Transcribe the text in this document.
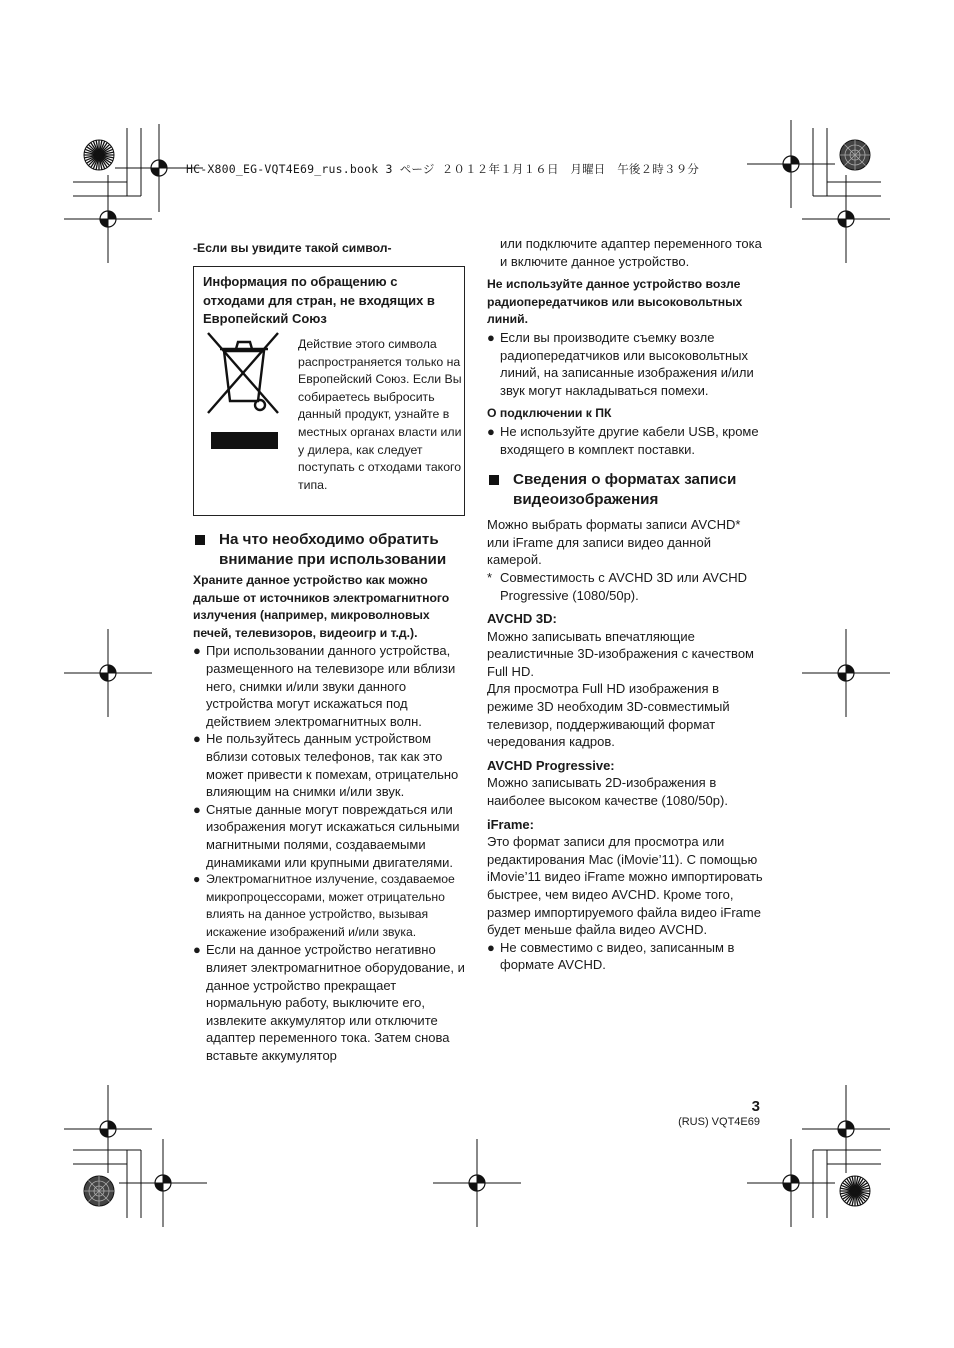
HC-X800_EG-VQT4E69_rus.book 3 ページ ２０１２年１月１６日　月曜日　午後２時３９分

-Если вы увидите такой символ-

Информация по обращению с отходами для стран, не входящих в Европейский Союз
Действие этого символа распространяется только на Европейский Союз. Если Вы собираетесь выбросить данный продукт, узнайте в местных органах власти или у дилера, как следует поступать с отходами такого типа.
На что необходимо обратить внимание при использовании

Храните данное устройство как можно дальше от источников электромагнитного излучения (например, микроволновых печей, телевизоров, видеоигр и т.д.).

● При использовании данного устройства, размещенного на телевизоре или вблизи него, снимки и/или звуки данного устройства могут искажаться под действием электромагнитных волн.
● Не пользуйтесь данным устройством вблизи сотовых телефонов, так как это может привести к помехам, отрицательно влияющим на снимки и/или звук.
● Снятые данные могут повреждаться или изображения могут искажаться сильными магнитными полями, создаваемыми динамиками или крупными двигателями.
● Электромагнитное излучение, создаваемое микропроцессорами, может отрицательно влиять на данное устройство, вызывая искажение изображений и/или звука.
● Если на данное устройство негативно влияет электромагнитное оборудование, и данное устройство прекращает нормальную работу, выключите его, извлеките аккумулятор или отключите адаптер переменного тока. Затем снова вставьте аккумулятор
или подключите адаптер переменного тока и включите данное устройство.

Не используйте данное устройство возле радиопередатчиков или высоковольтных линий.

● Если вы производите съемку возле радиопередатчиков или высоковольтных линий, на записанные изображения и/или звук могут накладываться помехи.

О подключении к ПК

● Не используйте другие кабели USB, кроме входящего в комплект поставки.
Сведения о форматах записи видеоизображения

Можно выбрать форматы записи AVCHD* или iFrame для записи видео данной камерой.

* Совместимость с AVCHD 3D или AVCHD Progressive (1080/50p).

AVCHD 3D:

Можно записывать впечатляющие реалистичные 3D-изображения с качеством Full HD.

Для просмотра Full HD изображения в режиме 3D необходим 3D-совместимый телевизор, поддерживающий формат чередования кадров.

AVCHD Progressive:

Можно записывать 2D-изображения в наиболее высоком качестве (1080/50p).

iFrame:

Это формат записи для просмотра или редактирования Mac (iMovie’11). С помощью iMovie’11 видео iFrame можно импортировать быстрее, чем видео AVCHD. Кроме того, размер импортируемого файла видео iFrame будет меньше файла видео AVCHD.

● Не совместимо с видео, записанным в формате AVCHD.
3
(RUS) VQT4E69
